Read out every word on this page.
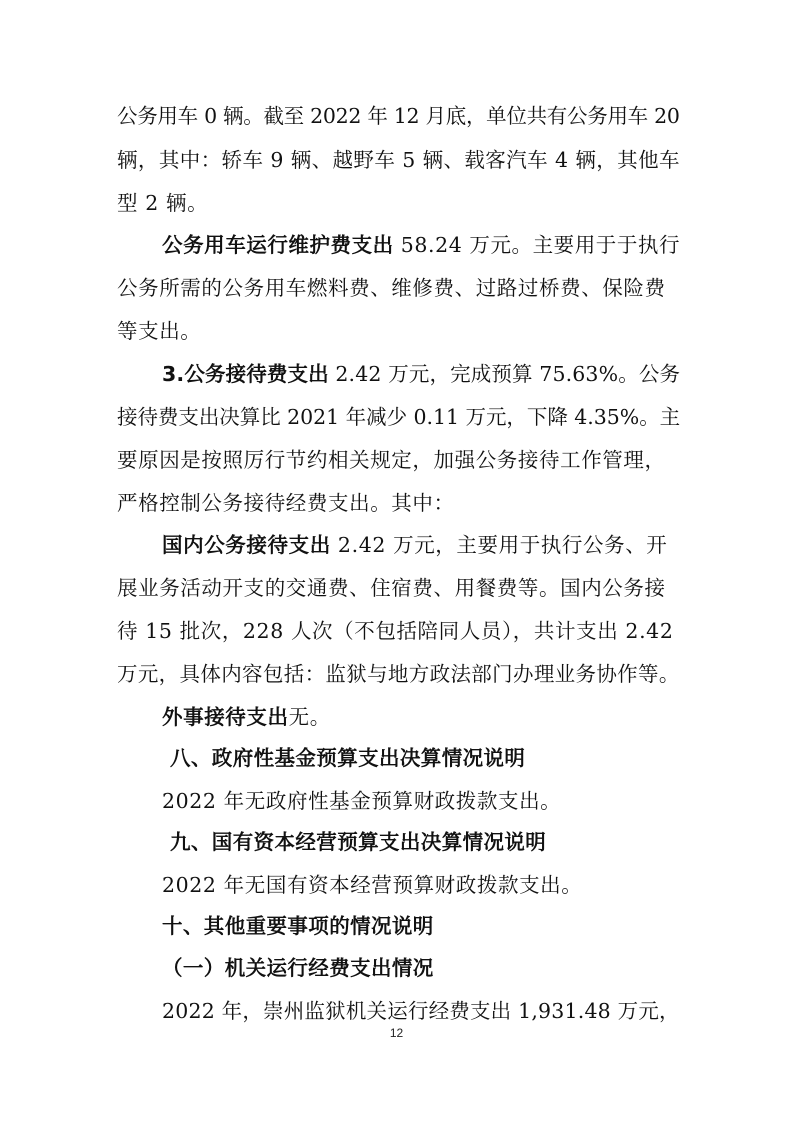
公务用车 0 辆。截至 2022 年 12 月底，单位共有公务用车 20
辆，其中：轿车 9 辆、越野车 5 辆、载客汽车 4 辆，其他车
型 2 辆。
公务用车运行维护费支出 58.24 万元。主要用于于执行
公务所需的公务用车燃料费、维修费、过路过桥费、保险费
等支出。
3.公务接待费支出 2.42 万元，完成预算 75.63%。公务
接待费支出决算比 2021 年减少 0.11 万元，下降 4.35%。主
要原因是按照厉行节约相关规定，加强公务接待工作管理，
严格控制公务接待经费支出。其中：
国内公务接待支出 2.42 万元，主要用于执行公务、开
展业务活动开支的交通费、住宿费、用餐费等。国内公务接
待 15 批次，228 人次（不包括陪同人员），共计支出 2.42
万元，具体内容包括：监狱与地方政法部门办理业务协作等。
外事接待支出无。
八、政府性基金预算支出决算情况说明
2022 年无政府性基金预算财政拨款支出。
九、国有资本经营预算支出决算情况说明
2022 年无国有资本经营预算财政拨款支出。
十、其他重要事项的情况说明
（一）机关运行经费支出情况
2022 年，崇州监狱机关运行经费支出 1,931.48 万元，
12
